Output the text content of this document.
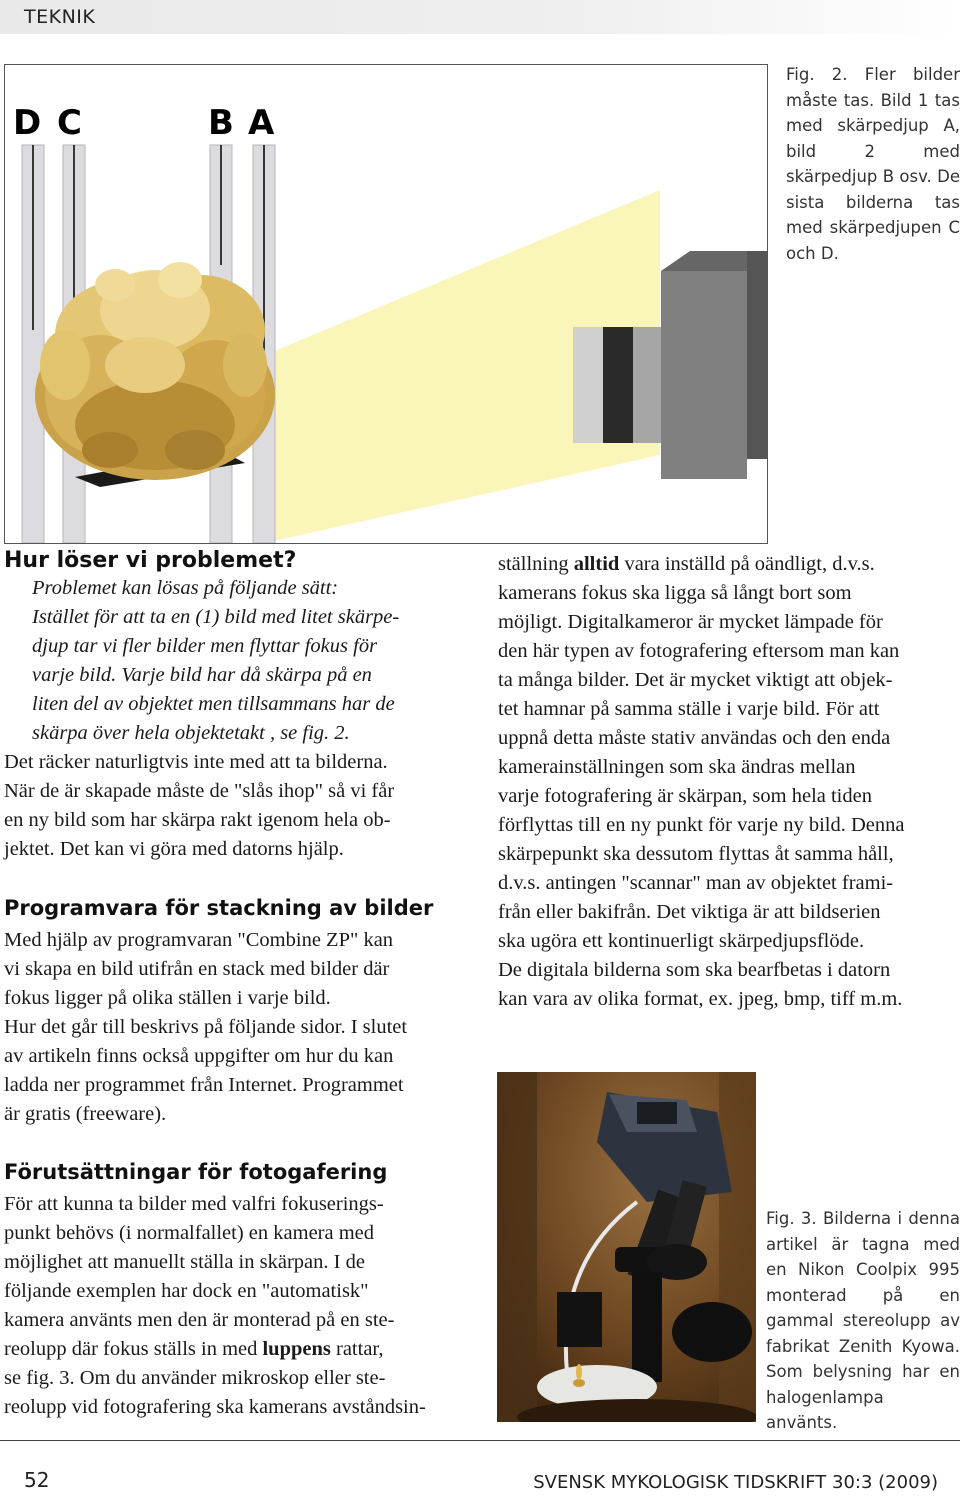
TEKNIK
D C	B A
Fig. 2. Fler bilder måste tas. Bild 1 tas med skärpedjup A, bild 2 med skärpedjup B osv. De sista bilderna tas med skärpedjupen C och D.
Hur löser vi problemet?
Problemet kan lösas på följande sätt:
Istället för att ta en (1) bild med litet skärpe-
djup tar vi fler bilder men flyttar fokus för
varje bild. Varje bild har då skärpa på en
liten del av objektet men tillsammans har de
skärpa över hela objektetakt , se fig. 2.
Det räcker naturligtvis inte med att ta bilderna.
När de är skapade måste de "slås ihop" så vi får
en ny bild som har skärpa rakt igenom hela ob-
jektet. Det kan vi göra med datorns hjälp.
Programvara för stackning av bilder
Med hjälp av programvaran "Combine ZP" kan
vi skapa en bild utifrån en stack med bilder där
fokus ligger på olika ställen i varje bild.
Hur det går till beskrivs på följande sidor. I slutet
av artikeln finns också uppgifter om hur du kan
ladda ner programmet från Internet. Programmet
är gratis (freeware).
Förutsättningar för fotogafering
För att kunna ta bilder med valfri fokuserings-
punkt behövs (i normalfallet) en kamera med
möjlighet att manuellt ställa in skärpan. I de
följande exemplen har dock en "automatisk"
kamera använts men den är monterad på en ste-
reolupp där fokus ställs in med luppens rattar,
se fig. 3. Om du använder mikroskop eller ste-
reolupp vid fotografering ska kamerans avståndsin-
ställning alltid vara inställd på oändligt, d.v.s.
kamerans fokus ska ligga så långt bort som
möjligt. Digitalkameror är mycket lämpade för
den här typen av fotografering eftersom man kan
ta många bilder. Det är mycket viktigt att objek-
tet hamnar på samma ställe i varje bild. För att
uppnå detta måste stativ användas och den enda
kamerainställningen som ska ändras mellan
varje fotografering är skärpan, som hela tiden
förflyttas till en ny punkt för varje ny bild. Denna
skärpepunkt ska dessutom flyttas åt samma håll,
d.v.s. antingen "scannar" man av objektet frami-
från eller bakifrån. Det viktiga är att bildserien
ska ugöra ett kontinuerligt skärpedjupsflöde.
De digitala bilderna som ska bearfbetas i datorn
kan vara av olika format, ex. jpeg, bmp, tiff m.m.
Fig. 3. Bilderna i denna artikel är tagna med en Nikon Coolpix 995 monterad på en gammal stereolupp av fabrikat Zenith Kyowa. Som belysning har en halogenlampa använts.
52	SVENSK MYKOLOGISK TIDSKRIFT 30:3 (2009)
